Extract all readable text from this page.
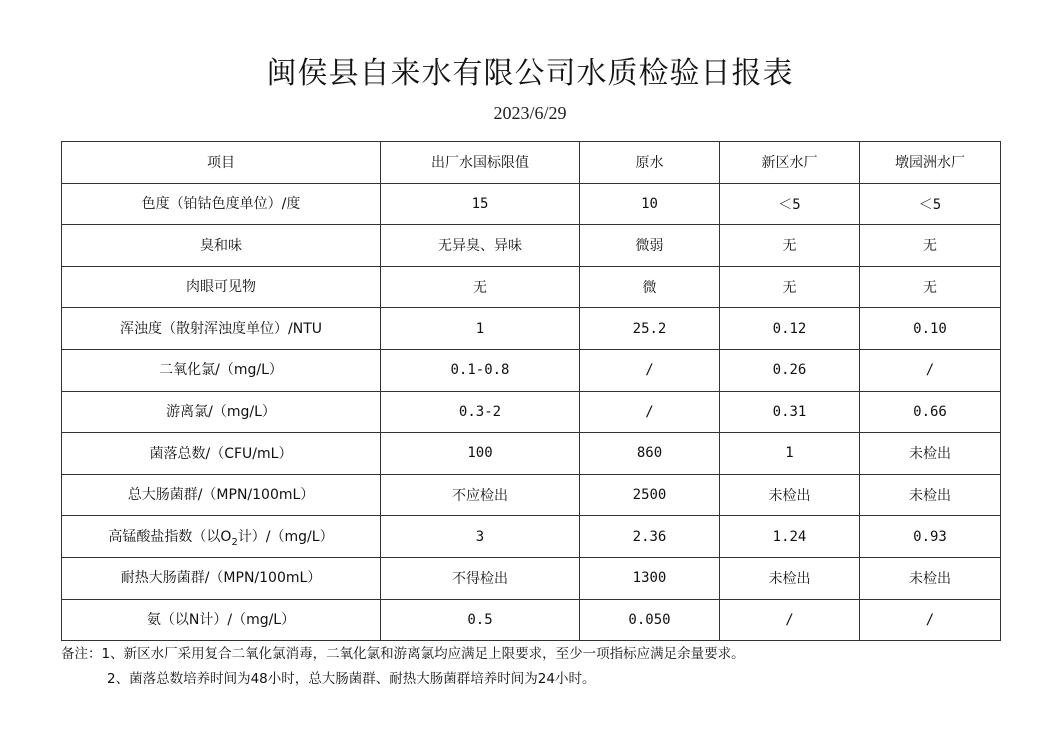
闽侯县自来水有限公司水质检验日报表
2023/6/29
项目	出厂水国标限值	原水	新区水厂	墩园洲水厂
色度（铂钴色度单位）/度	15	10	＜5	＜5
臭和味	无异臭、异味	微弱	无	无
肉眼可见物	无	微	无	无
浑浊度（散射浑浊度单位）/NTU	1	25.2	0.12	0.10
二氧化氯/（mg/L）	0.1-0.8	/	0.26	/
游离氯/（mg/L）	0.3-2	/	0.31	0.66
菌落总数/（CFU/mL）	100	860	1	未检出
总大肠菌群/（MPN/100mL）	不应检出	2500	未检出	未检出
高锰酸盐指数（以$O_2$计）/（mg/L）	3	2.36	1.24	0.93
耐热大肠菌群/（MPN/100mL）	不得检出	1300	未检出	未检出
氨（以N计）/（mg/L）	0.5	0.050	/	/
备注：1、新区水厂采用复合二氧化氯消毒，二氧化氯和游离氯均应满足上限要求，至少一项指标应满足余量要求。
2、菌落总数培养时间为48小时，总大肠菌群、耐热大肠菌群培养时间为24小时。
